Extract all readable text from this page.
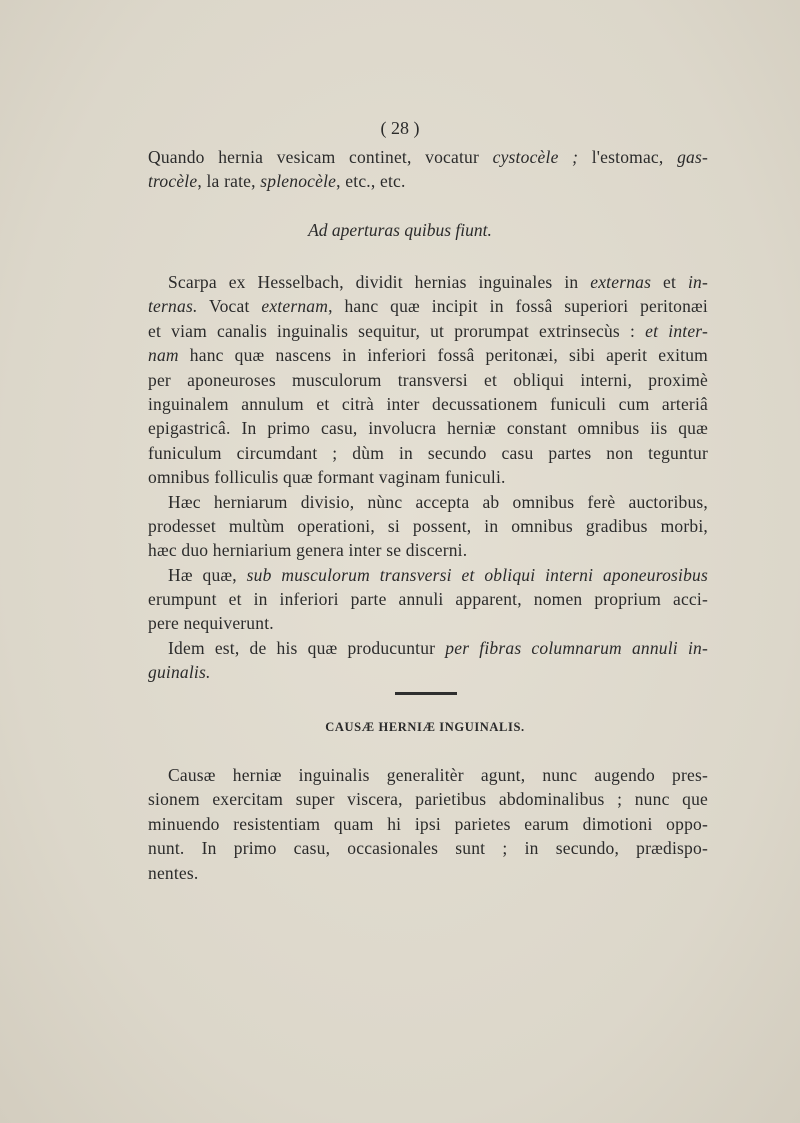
( 28 )
Quando hernia vesicam continet, vocatur cystocèle ; l'estomac, gas-
trocèle, la rate, splenocèle, etc., etc.
Ad aperturas quibus fiunt.
Scarpa ex Hesselbach, dividit hernias inguinales in externas et in-
ternas. Vocat externam, hanc quæ incipit in fossâ superiori peritonæi
et viam canalis inguinalis sequitur, ut prorumpat extrinsecùs : et inter-
nam hanc quæ nascens in inferiori fossâ peritonæi, sibi aperit exitum
per aponeuroses musculorum transversi et obliqui interni, proximè
inguinalem annulum et citrà inter decussationem funiculi cum arteriâ
epigastricâ. In primo casu, involucra herniæ constant omnibus iis quæ
funiculum circumdant ; dùm in secundo casu partes non teguntur
omnibus folliculis quæ formant vaginam funiculi.
Hæc herniarum divisio, nùnc accepta ab omnibus ferè auctoribus,
prodesset multùm operationi, si possent, in omnibus gradibus morbi,
hæc duo herniarium genera inter se discerni.
Hæ quæ, sub musculorum transversi et obliqui interni aponeurosibus
erumpunt et in inferiori parte annuli apparent, nomen proprium acci-
pere nequiverunt.
Idem est, de his quæ producuntur per fibras columnarum annuli in-
guinalis.
CAUSÆ HERNIÆ INGUINALIS.
Causæ herniæ inguinalis generalitèr agunt, nunc augendo pres-
sionem exercitam super viscera, parietibus abdominalibus ; nunc que
minuendo resistentiam quam hi ipsi parietes earum dimotioni oppo-
nunt. In primo casu, occasionales sunt ; in secundo, prædispo-
nentes.
